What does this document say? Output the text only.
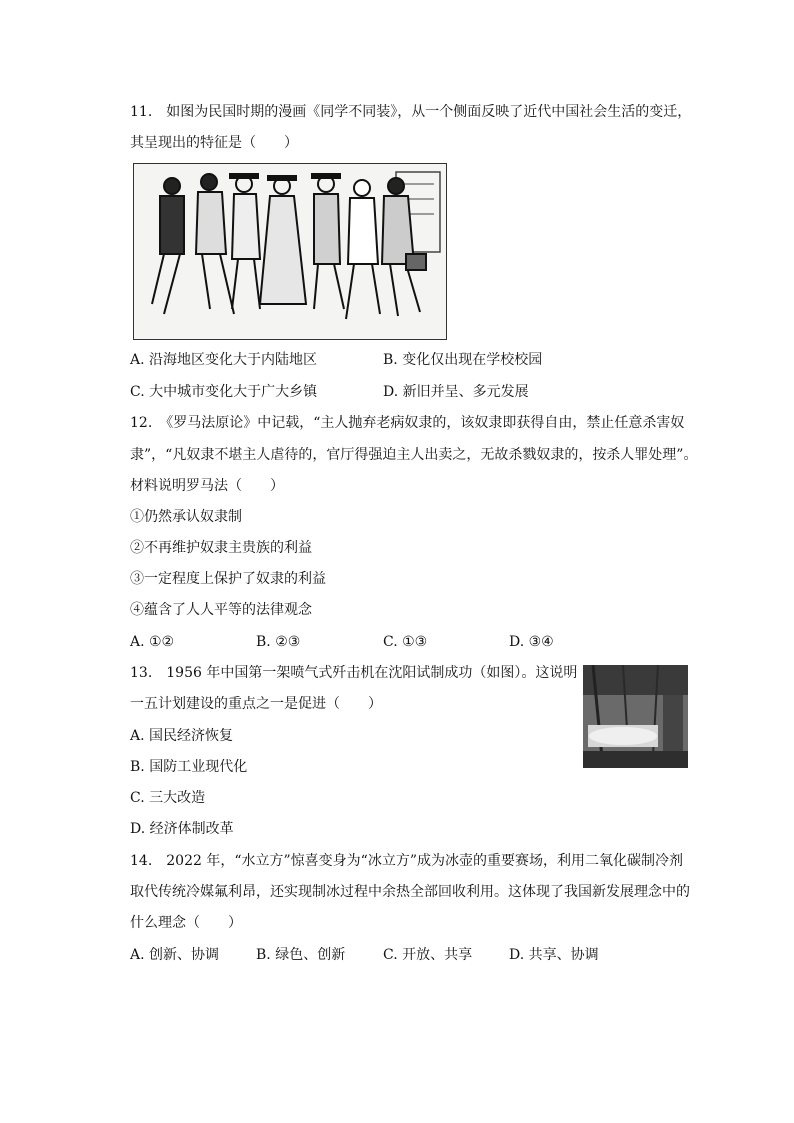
11.　如图为民国时期的漫画《同学不同装》，从一个侧面反映了近代中国社会生活的变迁，
其呈现出的特征是（　　）
A. 沿海地区变化大于内陆地区	B. 变化仅出现在学校校园
C. 大中城市变化大于广大乡镇	D. 新旧并呈、多元发展
12.　《罗马法原论》中记载，“主人抛弃老病奴隶的，该奴隶即获得自由，禁止任意杀害奴
隶”，“凡奴隶不堪主人虐待的，官厅得强迫主人出卖之，无故杀戮奴隶的，按杀人罪处理”。
材料说明罗马法（　　）
①仍然承认奴隶制
②不再维护奴隶主贵族的利益
③一定程度上保护了奴隶的利益
④蕴含了人人平等的法律观念
A. ①②	B. ②③	C. ①③	D. ③④
13.　1956 年中国第一架喷气式歼击机在沈阳试制成功（如图）。这说明
一五计划建设的重点之一是促进（　　）
A. 国民经济恢复
B. 国防工业现代化
C. 三大改造
D. 经济体制改革
14.　2022 年，“水立方”惊喜变身为“冰立方”成为冰壶的重要赛场，利用二氧化碳制冷剂
取代传统冷媒氟利昂，还实现制冰过程中余热全部回收利用。这体现了我国新发展理念中的
什么理念（　　）
A. 创新、协调	B. 绿色、创新	C. 开放、共享	D. 共享、协调
